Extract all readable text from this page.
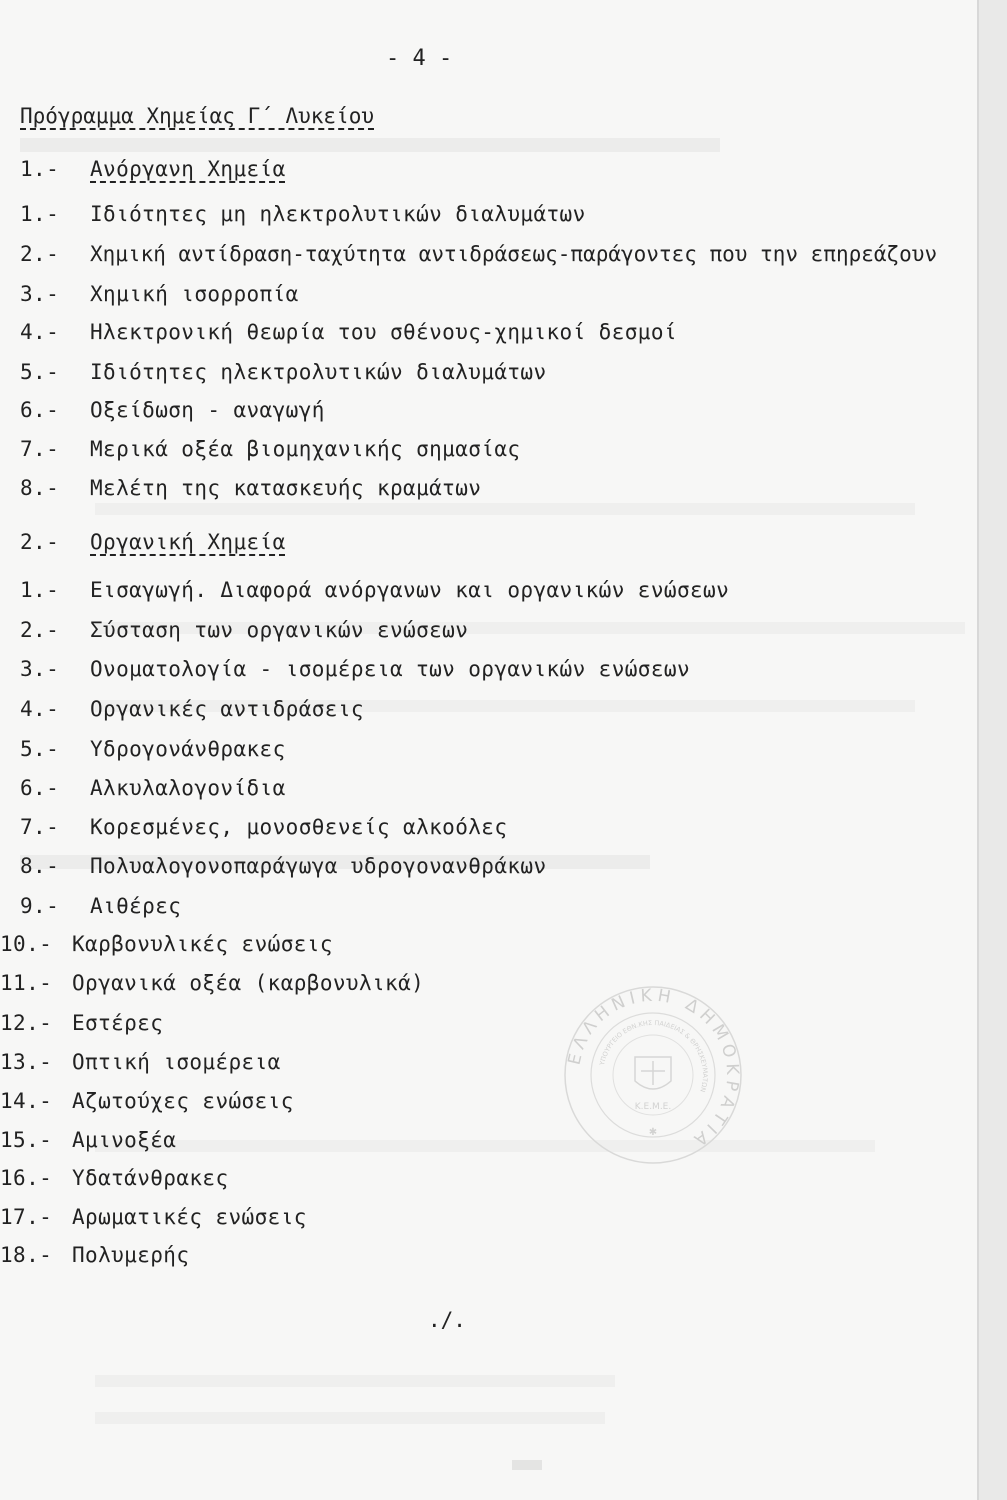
- 4 -
Πρόγραμμα Χημείας Γ΄ Λυκείου
1.- Ανόργανη Χημεία
1.- Ιδιότητες μη ηλεκτρολυτικών διαλυμάτων
2.- Χημική αντίδραση-ταχύτητα αντιδράσεως-παράγοντες που την επηρεάζουν
3.- Χημική ισορροπία
4.- Ηλεκτρονική θεωρία του σθένους-χημικοί δεσμοί
5.- Ιδιότητες ηλεκτρολυτικών διαλυμάτων
6.- Οξείδωση - αναγωγή
7.- Μερικά οξέα βιομηχανικής σημασίας
8.- Μελέτη της κατασκευής κραμάτων
2.- Οργανική Χημεία
1.- Εισαγωγή. Διαφορά ανόργανων και οργανικών ενώσεων
2.- Σύσταση των οργανικών ενώσεων
3.- Ονοματολογία - ισομέρεια των οργανικών ενώσεων
4.- Οργανικές αντιδράσεις
5.- Υδρογονάνθρακες
6.- Αλκυλαλογονίδια
7.- Κορεσμένες, μονοσθενείς αλκοόλες
8.- Πολυαλογονοπαράγωγα υδρογονανθράκων
9.- Αιθέρες
10.- Καρβονυλικές ενώσεις
11.- Οργανικά οξέα (καρβονυλικά)
12.- Εστέρες
13.- Οπτική ισομέρεια
14.- Αζωτούχες ενώσεις
15.- Αμινοξέα
16.- Υδατάνθρακες
17.- Αρωματικές ενώσεις
18.- Πολυμερής
./.
ΕΛΛΗΝΙΚΗ ΔΗΜΟΚΡΑΤΙΑ
ΥΠΟΥΡΓΕΙΟ ΕΘΝ.ΚΗΣ ΠΑΙΔΕΙΑΣ & ΘΡΗΣΚΕΥΜΑΤΩΝ
Κ.Ε.Μ.Ε.
✱
